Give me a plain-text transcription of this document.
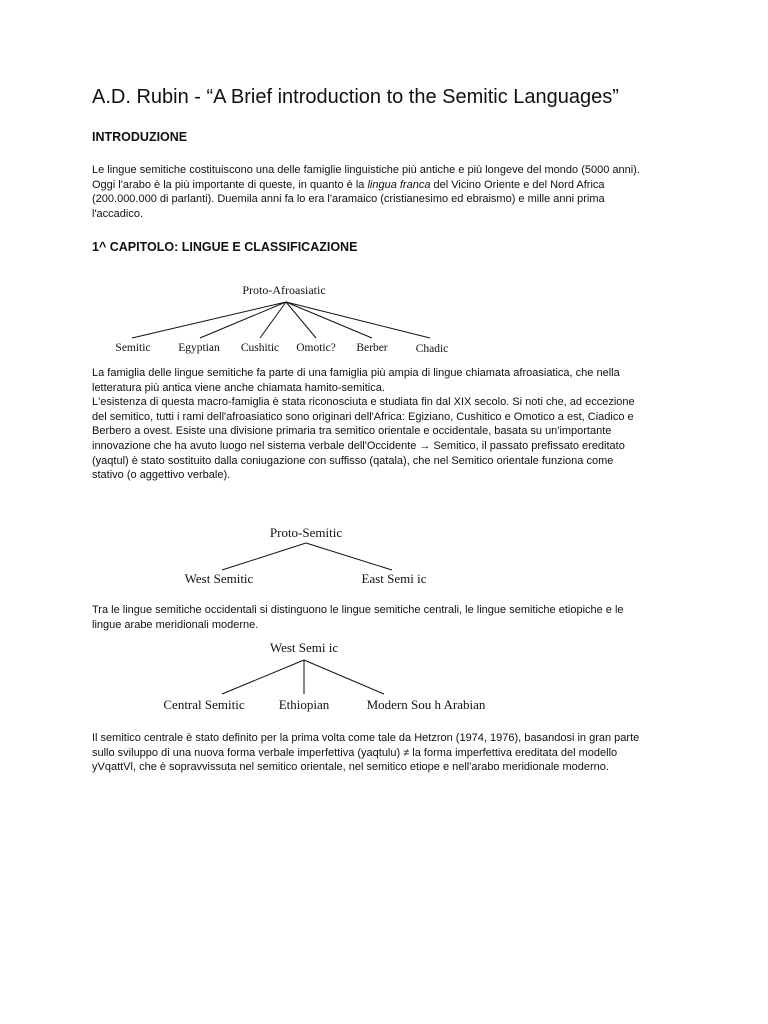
A.D. Rubin - “A Brief introduction to the Semitic Languages”
INTRODUZIONE
Le lingue semitiche costituiscono una delle famiglie linguistiche più antiche e più longeve del mondo (5000 anni).
Oggi l'arabo è la più importante di queste, in quanto è la lingua franca del Vicino Oriente e del Nord Africa
(200.000.000 di parlanti). Duemila anni fa lo era l'aramaico (cristianesimo ed ebraismo) e mille anni prima
l'accadico.
1^ CAPITOLO: LINGUE E CLASSIFICAZIONE
Proto-Afroasiatic
Semitic Egyptian Cushitic Omotic? Berber Chadic
La famiglia delle lingue semitiche fa parte di una famiglia più ampia di lingue chiamata afroasiatica, che nella
letteratura più antica viene anche chiamata hamito-semitica.
L'esistenza di questa macro-famiglia è stata riconosciuta e studiata fin dal XIX secolo. Si noti che, ad eccezione
del semitico, tutti i rami dell'afroasiatico sono originari dell'Africa: Egiziano, Cushitico e Omotico a est, Ciadico e
Berbero a ovest. Esiste una divisione primaria tra semitico orientale e occidentale, basata su un'importante
innovazione che ha avuto luogo nel sistema verbale dell'Occidente → Semitico, il passato prefissato ereditato
(yaqtul) è stato sostituito dalla coniugazione con suffisso (qatala), che nel Semitico orientale funziona come
stativo (o aggettivo verbale).
Proto-Semitic
West Semitic	East Semi ic
Tra le lingue semitiche occidentali si distinguono le lingue semitiche centrali, le lingue semitiche etiopiche e le
lingue arabe meridionali moderne.
West Semi ic
Central Semitic	Ethiopian	Modern Sou h Arabian
Il semitico centrale è stato definito per la prima volta come tale da Hetzron (1974, 1976), basandosi in gran parte
sullo sviluppo di una nuova forma verbale imperfettiva (yaqtulu) ≠ la forma imperfettiva ereditata del modello
yVqattVl, che è sopravvissuta nel semitico orientale, nel semitico etiope e nell'arabo meridionale moderno.
